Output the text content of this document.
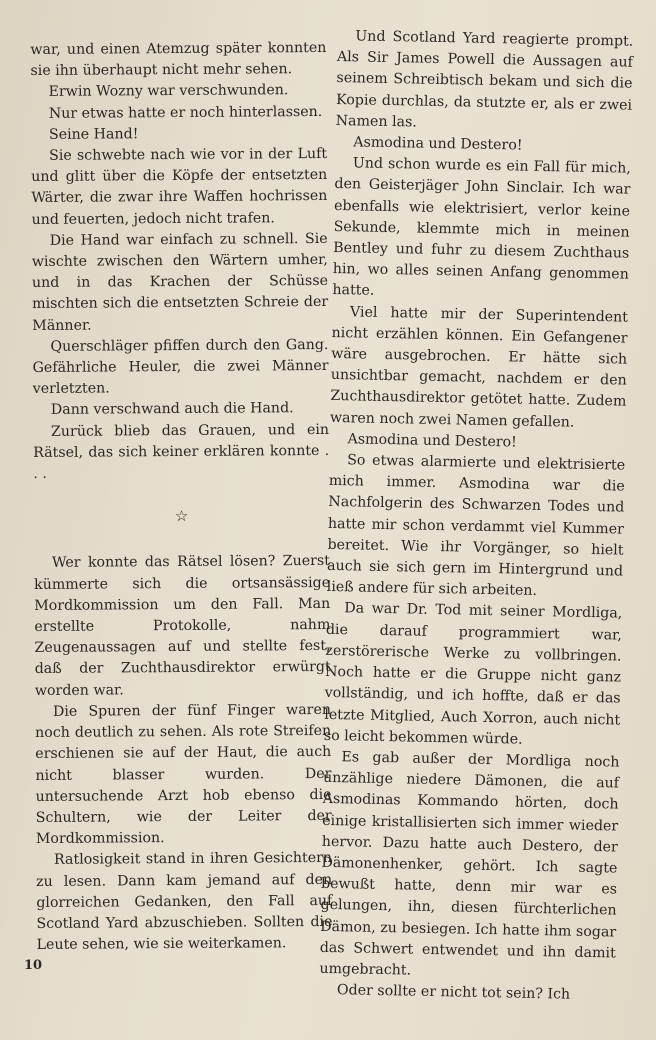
war, und einen Atemzug später konnten sie ihn überhaupt nicht mehr sehen.

Erwin Wozny war verschwunden.

Nur etwas hatte er noch hinterlassen.

Seine Hand!

Sie schwebte nach wie vor in der Luft und glitt über die Köpfe der entsetzten Wärter, die zwar ihre Waffen hochrissen und feuerten, jedoch nicht trafen.

Die Hand war einfach zu schnell. Sie wischte zwischen den Wärtern umher, und in das Krachen der Schüsse mischten sich die entsetzten Schreie der Männer.

Querschläger pfiffen durch den Gang. Gefährliche Heuler, die zwei Männer verletzten.

Dann verschwand auch die Hand.

Zurück blieb das Grauen, und ein Rätsel, das sich keiner erklären konnte . . .

☆

Wer konnte das Rätsel lösen? Zuerst kümmerte sich die ortsansässige Mordkommission um den Fall. Man erstellte Protokolle, nahm Zeugenaussagen auf und stellte fest, daß der Zuchthausdirektor erwürgt worden war.

Die Spuren der fünf Finger waren noch deutlich zu sehen. Als rote Streifen erschienen sie auf der Haut, die auch nicht blasser wurden. Der untersuchende Arzt hob ebenso die Schultern, wie der Leiter der Mordkommission.

Ratlosigkeit stand in ihren Gesichtern zu lesen. Dann kam jemand auf den glorreichen Gedanken, den Fall auf Scotland Yard abzuschieben. Sollten die Leute sehen, wie sie weiterkamen.

Und Scotland Yard reagierte prompt. Als Sir James Powell die Aussagen auf seinem Schreibtisch bekam und sich die Kopie durchlas, da stutzte er, als er zwei Namen las.

Asmodina und Destero!

Und schon wurde es ein Fall für mich, den Geisterjäger John Sinclair. Ich war ebenfalls wie elektrisiert, verlor keine Sekunde, klemmte mich in meinen Bentley und fuhr zu diesem Zuchthaus hin, wo alles seinen Anfang genommen hatte.

Viel hatte mir der Superintendent nicht erzählen können. Ein Gefangener wäre ausgebrochen. Er hätte sich unsichtbar gemacht, nachdem er den Zuchthausdirektor getötet hatte. Zudem waren noch zwei Namen gefallen.

Asmodina und Destero!

So etwas alarmierte und elektrisierte mich immer. Asmodina war die Nachfolgerin des Schwarzen Todes und hatte mir schon verdammt viel Kummer bereitet. Wie ihr Vorgänger, so hielt auch sie sich gern im Hintergrund und ließ andere für sich arbeiten.

Da war Dr. Tod mit seiner Mordliga, die darauf programmiert war, zerstörerische Werke zu vollbringen. Noch hatte er die Gruppe nicht ganz vollständig, und ich hoffte, daß er das letzte Mitglied, Auch Xorron, auch nicht so leicht bekommen würde.

Es gab außer der Mordliga noch unzählige niedere Dämonen, die auf Asmodinas Kommando hörten, doch einige kristallisierten sich immer wieder hervor. Dazu hatte auch Destero, der Dämonenhenker, gehört. Ich sagte bewußt hatte, denn mir war es gelungen, ihn, diesen fürchterlichen Dämon, zu besiegen. Ich hatte ihm sogar das Schwert entwendet und ihn damit umgebracht.

Oder sollte er nicht tot sein? Ich

10
